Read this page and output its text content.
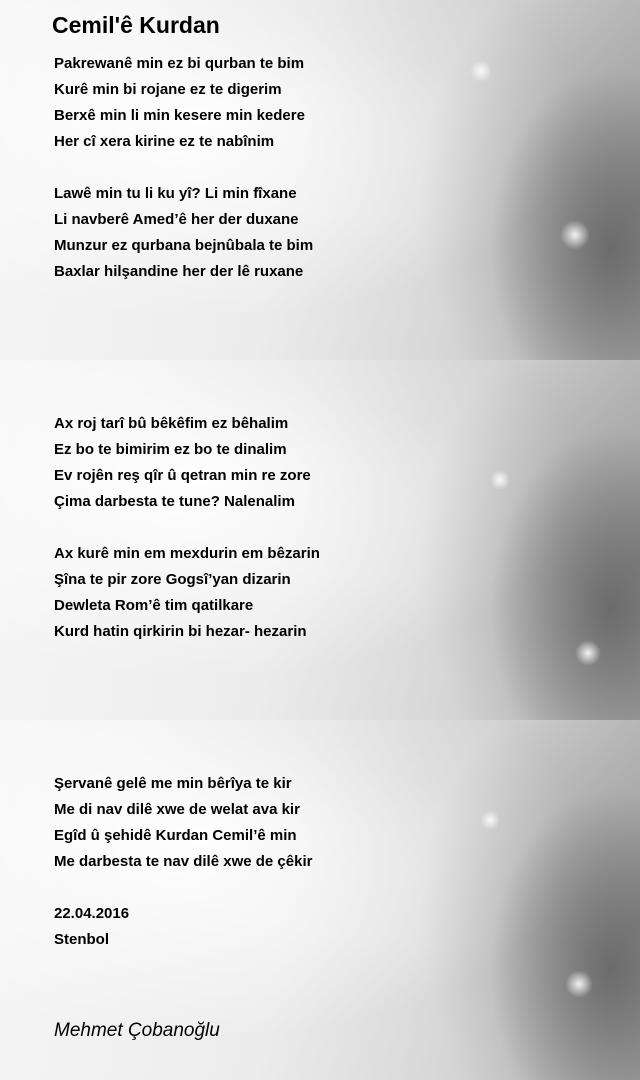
Cemil'ê Kurdan
Pakrewanê min ez bi qurban te bim
Kurê min bi rojane ez te digerim
Berxê min li min kesere min kedere
Her cî xera kirine ez te nabînim
Lawê min tu li ku yî? Li min fîxane
Li navberê Amed’ê her der duxane
Munzur ez qurbana bejnûbala te bim
Baxlar hilşandine her der lê ruxane
Ax roj tarî bû bêkêfim ez bêhalim
Ez bo te bimirim ez bo te dinalim
Ev rojên reş qîr û qetran min re zore
Çima darbesta te tune? Nalenalim
Ax kurê min em mexdurin em bêzarin
Şîna te pir zore Gogsî’yan dizarin
Dewleta Rom’ê tim qatilkare
Kurd hatin qirkirin bi hezar- hezarin
Şervanê gelê me min bêrîya te kir
Me di nav dilê xwe de welat ava kir
Egîd û şehidê Kurdan Cemil’ê min
Me darbesta te nav dilê xwe de çêkir
22.04.2016
Stenbol
Mehmet Çobanoğlu
